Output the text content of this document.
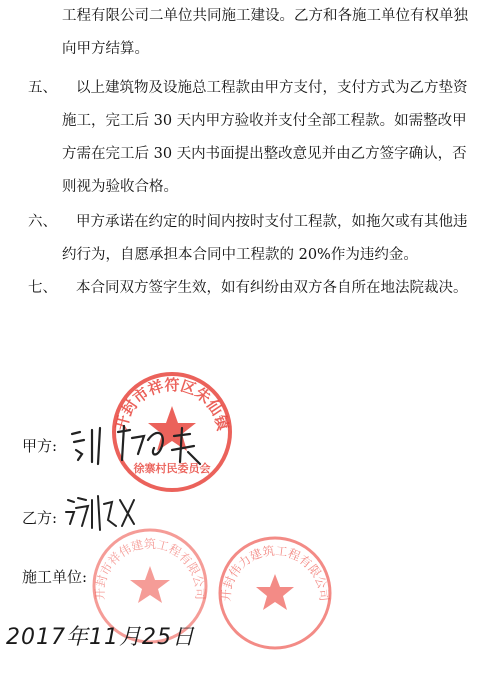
工程有限公司二单位共同施工建设。乙方和各施工单位有权单独
向甲方结算。
五、 以上建筑物及设施总工程款由甲方支付，支付方式为乙方垫资
施工，完工后 30 天内甲方验收并支付全部工程款。如需整改甲
方需在完工后 30 天内书面提出整改意见并由乙方签字确认，否
则视为验收合格。
六、 甲方承诺在约定的时间内按时支付工程款，如拖欠或有其他违
约行为，自愿承担本合同中工程款的 20%作为违约金。
七、 本合同双方签字生效，如有纠纷由双方各自所在地法院裁决。
开封市祥符区朱仙镇
徐寨村民委员会
开封市祥伟建筑工程有限公司 开封伟力建筑工程有限公司
甲方:
乙方:
施工单位:
2017年11月25日
